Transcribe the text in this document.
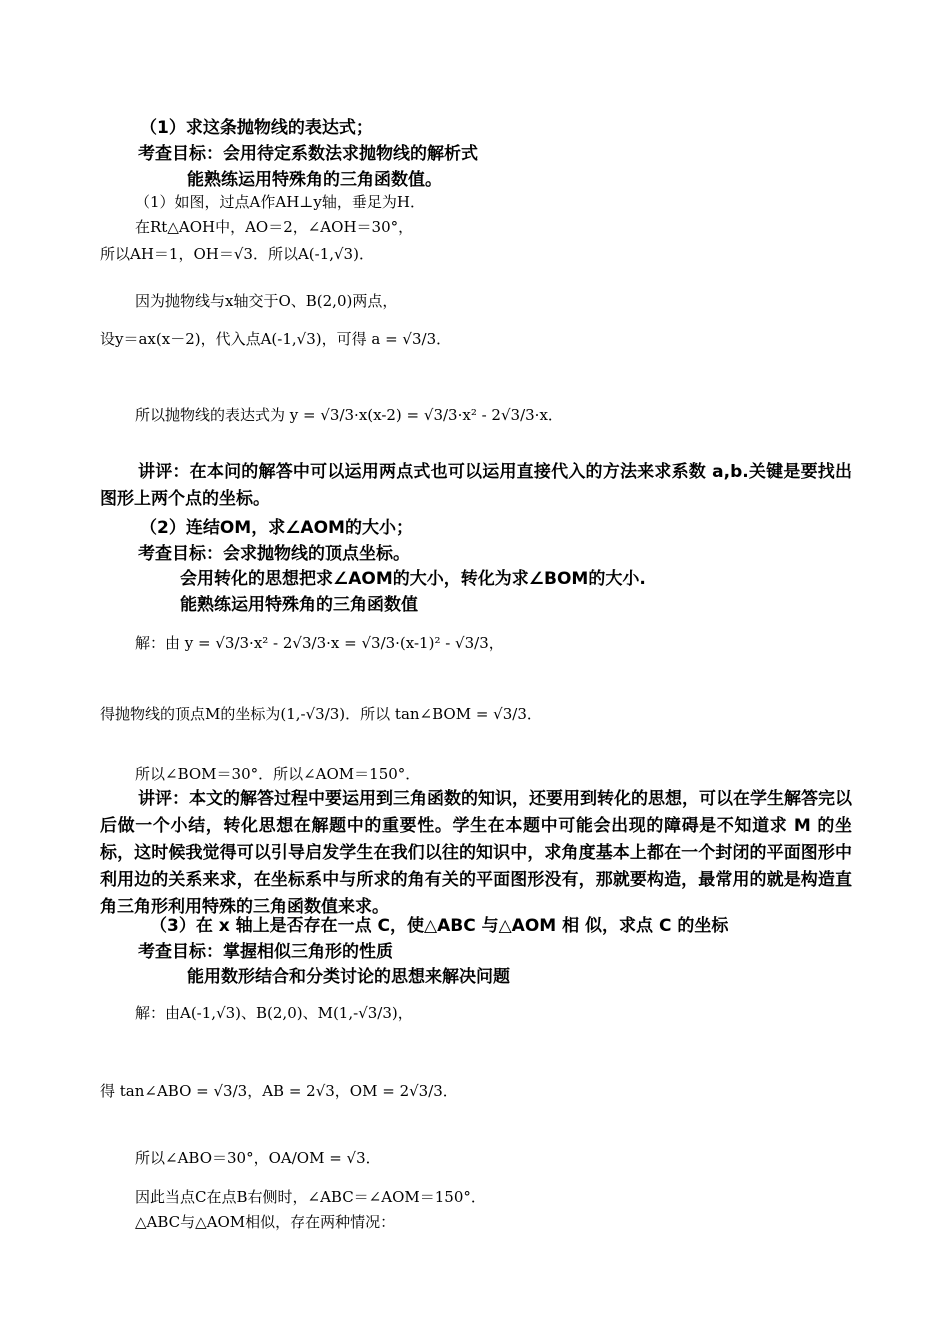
（1）求这条抛物线的表达式；
考查目标：会用待定系数法求抛物线的解析式
能熟练运用特殊角的三角函数值。
（1）如图，过点A作AH⊥y轴，垂足为H．
在Rt△AOH中，AO＝2，∠AOH＝30°，
所以AH＝1，OH＝√3．所以A(-1,√3)．
因为抛物线与x轴交于O、B(2,0)两点，
设y＝ax(x－2)，代入点A(-1,√3)，可得 a = √3/3．
所以抛物线的表达式为 y = √3/3·x(x-2) = √3/3·x² - 2√3/3·x．
讲评：在本问的解答中可以运用两点式也可以运用直接代入的方法来求系数 a,b.关键是要找出图形上两个点的坐标。
（2）连结OM，求∠AOM的大小；
考查目标：会求抛物线的顶点坐标。
会用转化的思想把求∠AOM的大小，转化为求∠BOM的大小.
能熟练运用特殊角的三角函数值
解：由 y = √3/3·x² - 2√3/3·x = √3/3·(x-1)² - √3/3，
得抛物线的顶点M的坐标为(1,-√3/3)．所以 tan∠BOM = √3/3．
所以∠BOM＝30°．所以∠AOM＝150°．
讲评：本文的解答过程中要运用到三角函数的知识，还要用到转化的思想，可以在学生解答完以后做一个小结，转化思想在解题中的重要性。学生在本题中可能会出现的障碍是不知道求 M 的坐标，这时候我觉得可以引导启发学生在我们以往的知识中，求角度基本上都在一个封闭的平面图形中利用边的关系来求，在坐标系中与所求的角有关的平面图形没有，那就要构造，最常用的就是构造直角三角形利用特殊的三角函数值来求。
（3）在 x 轴上是否存在一点 C，使△ABC 与△AOM 相 似，求点 C 的坐标
考查目标：掌握相似三角形的性质
能用数形结合和分类讨论的思想来解决问题
解：由A(-1,√3)、B(2,0)、M(1,-√3/3)，
得 tan∠ABO = √3/3，AB = 2√3，OM = 2√3/3．
所以∠ABO＝30°，OA/OM = √3．
因此当点C在点B右侧时，∠ABC＝∠AOM＝150°．
△ABC与△AOM相似，存在两种情况：
